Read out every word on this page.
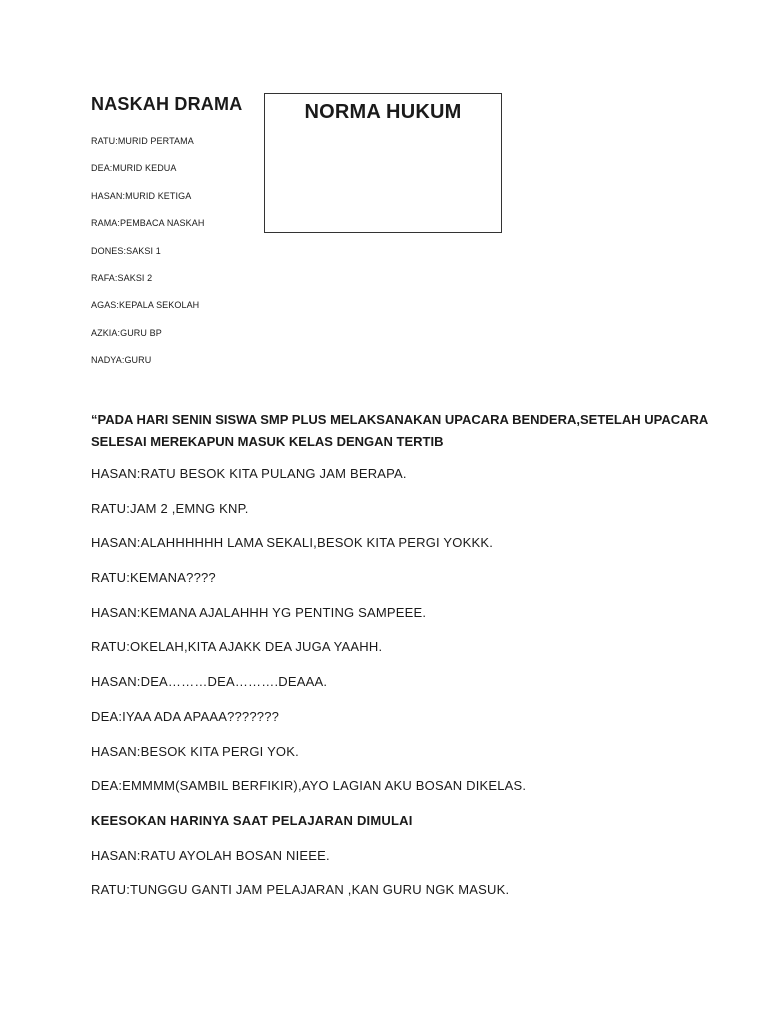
NASKAH DRAMA
RATU:MURID PERTAMA
DEA:MURID KEDUA
HASAN:MURID KETIGA
RAMA:PEMBACA NASKAH
DONES:SAKSI 1
RAFA:SAKSI 2
AGAS:KEPALA SEKOLAH
AZKIA:GURU BP
NADYA:GURU
NORMA HUKUM

“PADA HARI SENIN SISWA SMP PLUS MELAKSANAKAN UPACARA BENDERA,SETELAH UPACARA SELESAI MEREKAPUN MASUK KELAS DENGAN TERTIB

HASAN:RATU BESOK KITA PULANG JAM BERAPA.

RATU:JAM 2 ,EMNG KNP.

HASAN:ALAHHHHHH LAMA SEKALI,BESOK KITA PERGI YOKKK.

RATU:KEMANA????

HASAN:KEMANA AJALAHHH YG PENTING SAMPEEE.

RATU:OKELAH,KITA AJAKK DEA JUGA YAAHH.

HASAN:DEA………DEA……….DEAAA.

DEA:IYAA ADA APAAA???????

HASAN:BESOK KITA PERGI YOK.

DEA:EMMMM(SAMBIL BERFIKIR),AYO LAGIAN AKU BOSAN DIKELAS.

KEESOKAN HARINYA SAAT PELAJARAN DIMULAI

HASAN:RATU AYOLAH BOSAN NIEEE.

RATU:TUNGGU GANTI JAM PELAJARAN ,KAN GURU NGK MASUK.
